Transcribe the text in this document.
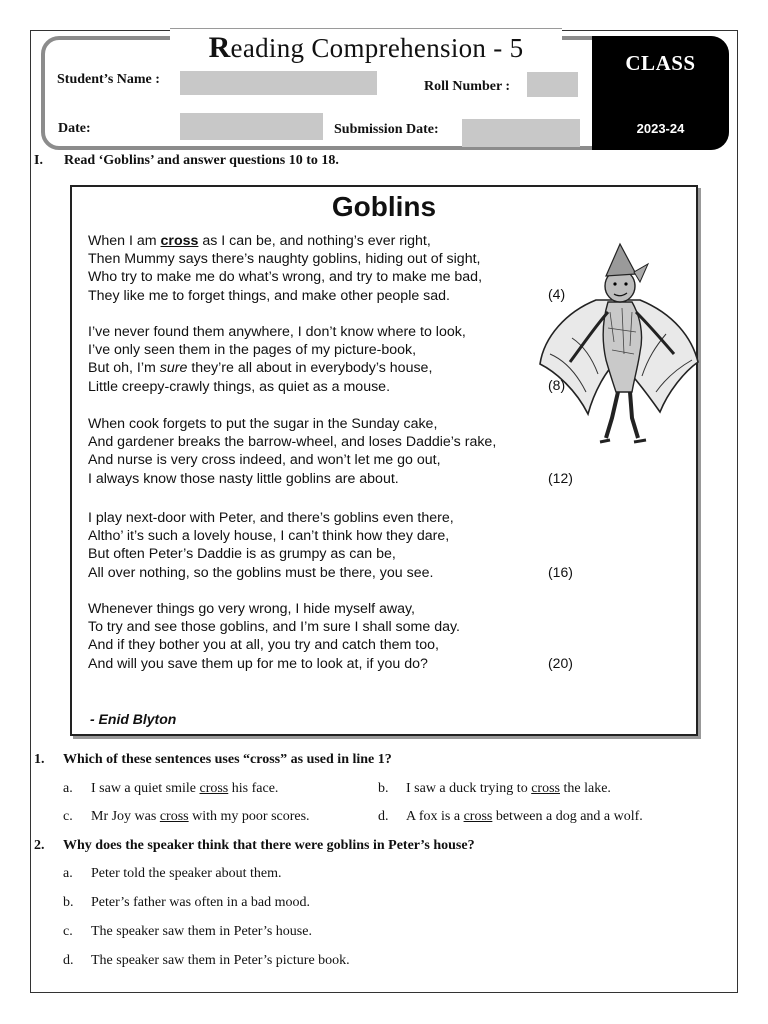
Reading Comprehension - 5	CLASS
2023-24
Student’s Name :	Roll Number :
Date:	Submission Date:
I. Read ‘Goblins’ and answer questions 10 to 18.
Goblins
When I am cross as I can be, and nothing’s ever right,
Then Mummy says there’s naughty goblins, hiding out of sight,
Who try to make me do what’s wrong, and try to make me bad,
They like me to forget things, and make other people sad.	(4)
I’ve never found them anywhere, I don’t know where to look,
I’ve only seen them in the pages of my picture-book,
But oh, I’m sure they’re all about in everybody’s house,
Little creepy-crawly things, as quiet as a mouse.	(8)
When cook forgets to put the sugar in the Sunday cake,
And gardener breaks the barrow-wheel, and loses Daddie’s rake,
And nurse is very cross indeed, and won’t let me go out,
I always know those nasty little goblins are about.	(12)
I play next-door with Peter, and there’s goblins even there,
Altho’ it’s such a lovely house, I can’t think how they dare,
But often Peter’s Daddie is as grumpy as can be,
All over nothing, so the goblins must be there, you see.	(16)
Whenever things go very wrong, I hide myself away,
To try and see those goblins, and I’m sure I shall some day.
And if they bother you at all, you try and catch them too,
And will you save them up for me to look at, if you do?	(20)
- Enid Blyton
1. Which of these sentences uses “cross” as used in line 1?
a. I saw a quiet smile cross his face.	b. I saw a duck trying to cross the lake.
c. Mr Joy was cross with my poor scores.	d. A fox is a cross between a dog and a wolf.
2. Why does the speaker think that there were goblins in Peter’s house?
a. Peter told the speaker about them.
b. Peter’s father was often in a bad mood.
c. The speaker saw them in Peter’s house.
d. The speaker saw them in Peter’s picture book.
